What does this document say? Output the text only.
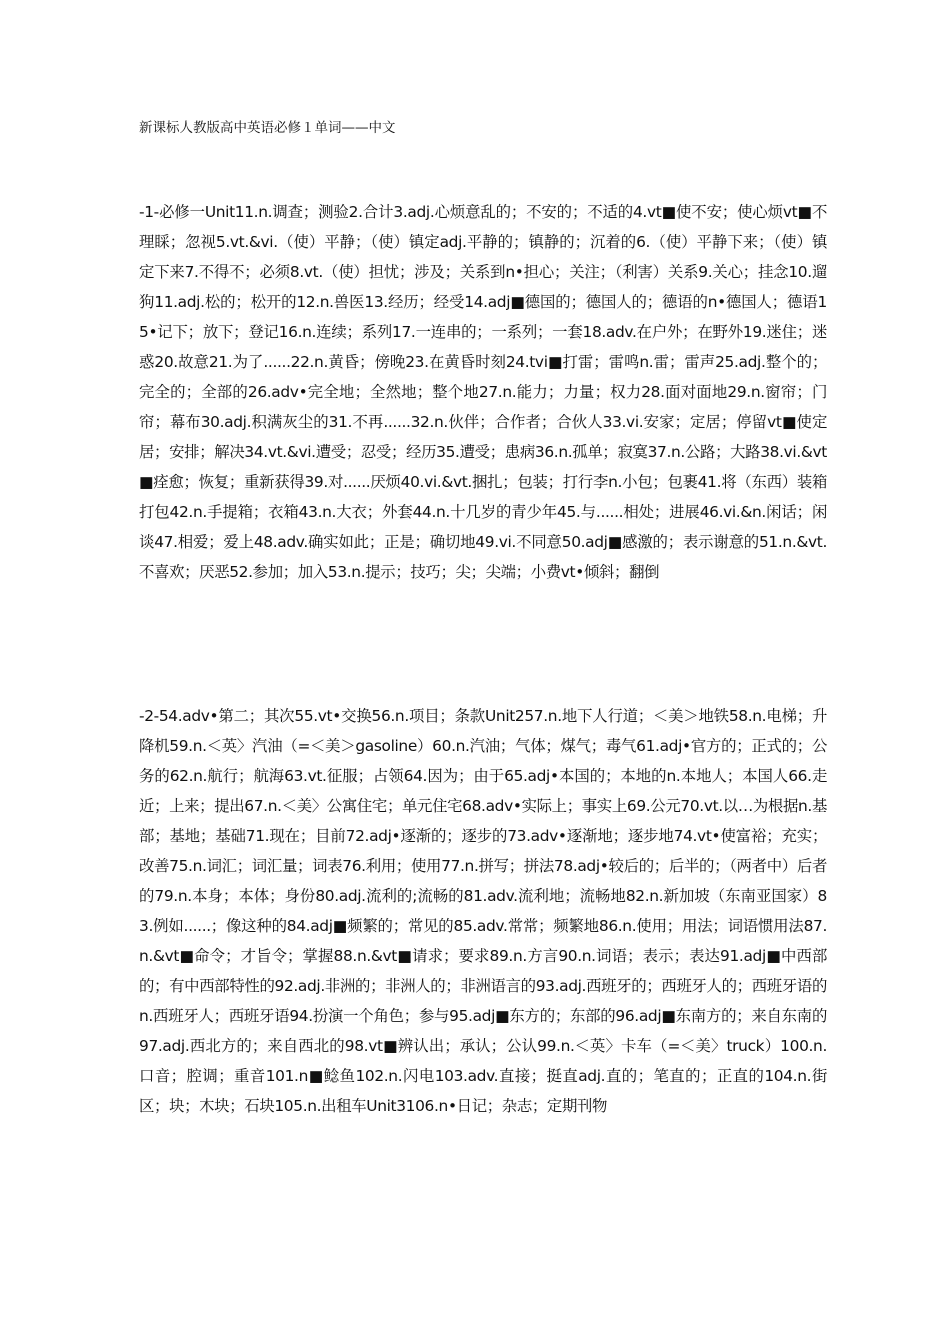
新课标人教版高中英语必修１单词——中文
-1-必修一Unit11.n.调查；测验2.合计3.adj.心烦意乱的；不安的；不适的4.vt■使不安；使心烦vt■不理睬；忽视5.vt.&vi.（使）平静；（使）镇定adj.平静的；镇静的；沉着的6.（使）平静下来；（使）镇定下来7.不得不；必须8.vt.（使）担忧；涉及；关系到n•担心；关注；（利害）关系9.关心；挂念10.遛狗11.adj.松的；松开的12.n.兽医13.经历；经受14.adj■德国的；德国人的；德语的n•德国人；德语15•记下；放下；登记16.n.连续；系列17.一连串的；一系列；一套18.adv.在户外；在野外19.迷住；迷惑20.故意21.为了......22.n.黄昏；傍晚23.在黄昏时刻24.tvi■打雷；雷鸣n.雷；雷声25.adj.整个的；完全的；全部的26.adv•完全地；全然地；整个地27.n.能力；力量；权力28.面对面地29.n.窗帘；门帘；幕布30.adj.积满灰尘的31.不再......32.n.伙伴；合作者；合伙人33.vi.安家；定居；停留vt■使定居；安排；解决34.vt.&vi.遭受；忍受；经历35.遭受；患病36.n.孤单；寂寞37.n.公路；大路38.vi.&vt■痊愈；恢复；重新获得39.对......厌烦40.vi.&vt.捆扎；包装；打行李n.小包；包裹41.将（东西）装箱打包42.n.手提箱；衣箱43.n.大衣；外套44.n.十几岁的青少年45.与......相处；进展46.vi.&n.闲话；闲谈47.相爱；爱上48.adv.确实如此；正是；确切地49.vi.不同意50.adj■感激的；表示谢意的51.n.&vt.不喜欢；厌恶52.参加；加入53.n.提示；技巧；尖；尖端；小费vt•倾斜；翻倒
-2-54.adv•第二；其次55.vt•交换56.n.项目；条款Unit257.n.地下人行道；＜美＞地铁58.n.电梯；升降机59.n.＜英〉汽油（=＜美＞gasoline）60.n.汽油；气体；煤气；毒气61.adj•官方的；正式的；公务的62.n.航行；航海63.vt.征服；占领64.因为；由于65.adj•本国的；本地的n.本地人；本国人66.走近；上来；提出67.n.＜美〉公寓住宅；单元住宅68.adv•实际上；事实上69.公元70.vt.以…为根据n.基部；基地；基础71.现在；目前72.adj•逐渐的；逐步的73.adv•逐渐地；逐步地74.vt•使富裕；充实；改善75.n.词汇；词汇量；词表76.利用；使用77.n.拼写；拼法78.adj•较后的；后半的；（两者中）后者的79.n.本身；本体；身份80.adj.流利的;流畅的81.adv.流利地；流畅地82.n.新加坡（东南亚国家）83.例如......；像这种的84.adj■频繁的；常见的85.adv.常常；频繁地86.n.使用；用法；词语惯用法87.n.&vt■命令；才旨令；掌握88.n.&vt■请求；要求89.n.方言90.n.词语；表示；表达91.adj■中西部的；有中西部特性的92.adj.非洲的；非洲人的；非洲语言的93.adj.西班牙的；西班牙人的；西班牙语的n.西班牙人；西班牙语94.扮演一个角色；参与95.adj■东方的；东部的96.adj■东南方的；来自东南的97.adj.西北方的；来自西北的98.vt■辨认出；承认；公认99.n.＜英〉卡车（=＜美〉truck）100.n.口音；腔调；重音101.n■鲶鱼102.n.闪电103.adv.直接；挺直adj.直的；笔直的；正直的104.n.街区；块；木块；石块105.n.出租车Unit3106.n•日记；杂志；定期刊物
